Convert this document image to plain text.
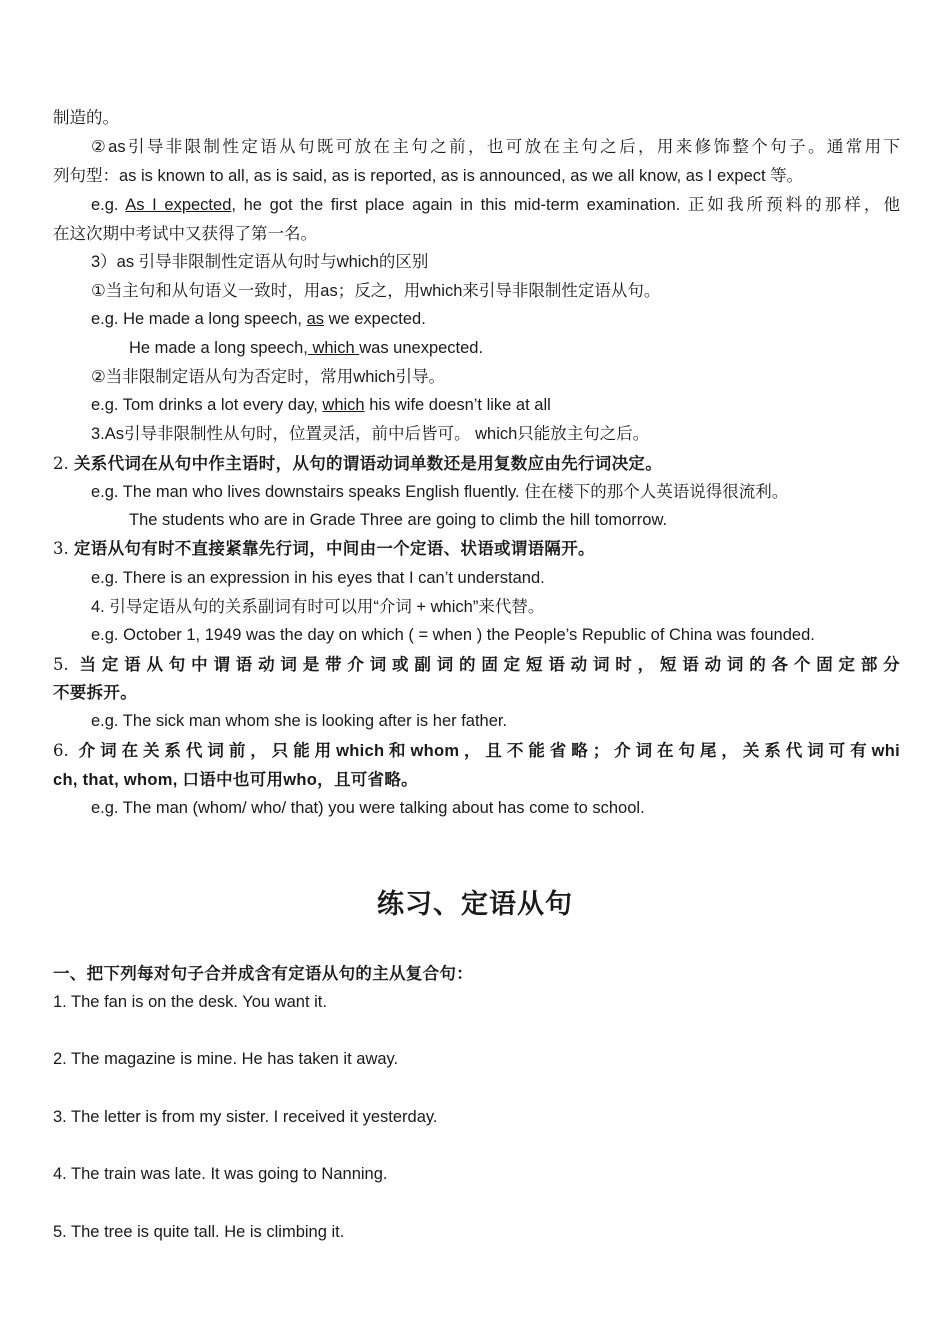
制造的。
②as引导非限制性定语从句既可放在主句之前，也可放在主句之后，用来修饰整个句子。通常用下
列句型：as is known to all, as is said, as is reported, as is announced, as we all know, as I expect 等。
e.g. As I expected, he got the first place again in this mid-term examination. 正如我所预料的那样，他
在这次期中考试中又获得了第一名。
3）as 引导非限制性定语从句时与which的区别
①当主句和从句语义一致时，用as；反之，用which来引导非限制性定语从句。
e.g. He made a long speech, as we expected.
He made a long speech, which was unexpected.
②当非限制定语从句为否定时，常用which引导。
e.g. Tom drinks a lot every day, which his wife doesn’t like at all
3.As引导非限制性从句时，位置灵活，前中后皆可。 which只能放主句之后。
2. 关系代词在从句中作主语时，从句的谓语动词单数还是用复数应由先行词决定。
e.g. The man who lives downstairs speaks English fluently. 住在楼下的那个人英语说得很流利。
The students who are in Grade Three are going to climb the hill tomorrow.
3. 定语从句有时不直接紧靠先行词，中间由一个定语、状语或谓语隔开。
e.g. There is an expression in his eyes that I can’t understand.
4. 引导定语从句的关系副词有时可以用“介词 + which”来代替。
e.g. October 1, 1949 was the day on which ( = when ) the People’s Republic of China was founded.
5. 当定语从句中谓语动词是带介词或副词的固定短语动词时，短语动词的各个固定部分
不要拆开。
e.g. The sick man whom she is looking after is her father.
6. 介词在关系代词前，只能用which和whom，且不能省略；介词在句尾，关系代词可有whi
ch, that, whom, 口语中也可用who，且可省略。
e.g. The man (whom/ who/ that) you were talking about has come to school.
练习、定语从句
一、把下列每对句子合并成含有定语从句的主从复合句：
1. The fan is on the desk. You want it.
2. The magazine is mine. He has taken it away.
3. The letter is from my sister. I received it yesterday.
4. The train was late. It was going to Nanning.
5. The tree is quite tall. He is climbing it.
